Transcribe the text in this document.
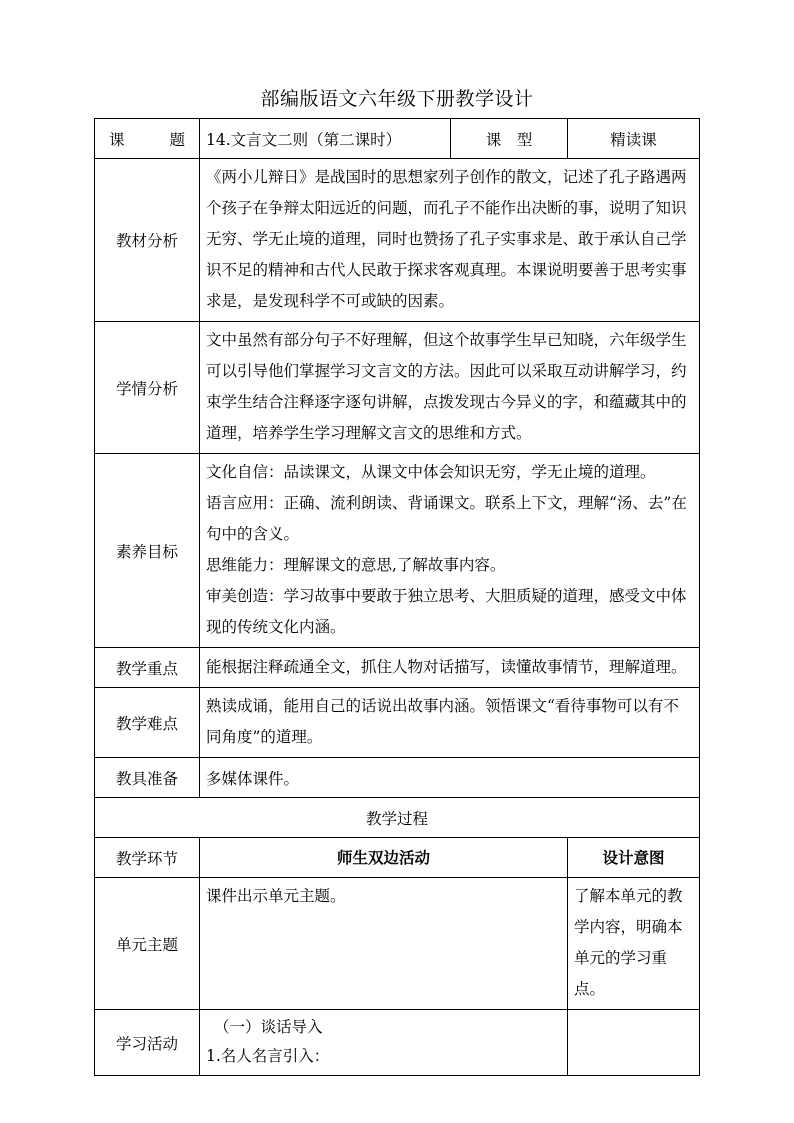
部编版语文六年级下册教学设计
课　　题	14.文言文二则（第二课时）	课　型	精读课
教材分析	《两小儿辩日》是战国时的思想家列子创作的散文，记述了孔子路遇两个孩子在争辩太阳远近的问题，而孔子不能作出决断的事，说明了知识无穷、学无止境的道理，同时也赞扬了孔子实事求是、敢于承认自己学识不足的精神和古代人民敢于探求客观真理。本课说明要善于思考实事求是，是发现科学不可或缺的因素。		
学情分析	文中虽然有部分句子不好理解，但这个故事学生早已知晓，六年级学生可以引导他们掌握学习文言文的方法。因此可以采取互动讲解学习，约束学生结合注释逐字逐句讲解，点拨发现古今异义的字，和蕴藏其中的道理，培养学生学习理解文言文的思维和方式。		
素养目标	文化自信：品读课文，从课文中体会知识无穷，学无止境的道理。

语言应用：正确、流利朗读、背诵课文。联系上下文，理解“汤、去”在句中的含义。

思维能力：理解课文的意思,了解故事内容。

审美创造：学习故事中要敢于独立思考、大胆质疑的道理，感受文中体现的传统文化内涵。		

教学重点	能根据注释疏通全文，抓住人物对话描写，读懂故事情节，理解道理。		
教学难点	熟读成诵，能用自己的话说出故事内涵。领悟课文“看待事物可以有不同角度”的道理。		
教具准备	多媒体课件。		
教学过程			
教学环节	师生双边活动		设计意图
单元主题	课件出示单元主题。		了解本单元的教学内容，明确本单元的学习重点。
学习活动	（一）谈话导入

1.名人名言引入：		
